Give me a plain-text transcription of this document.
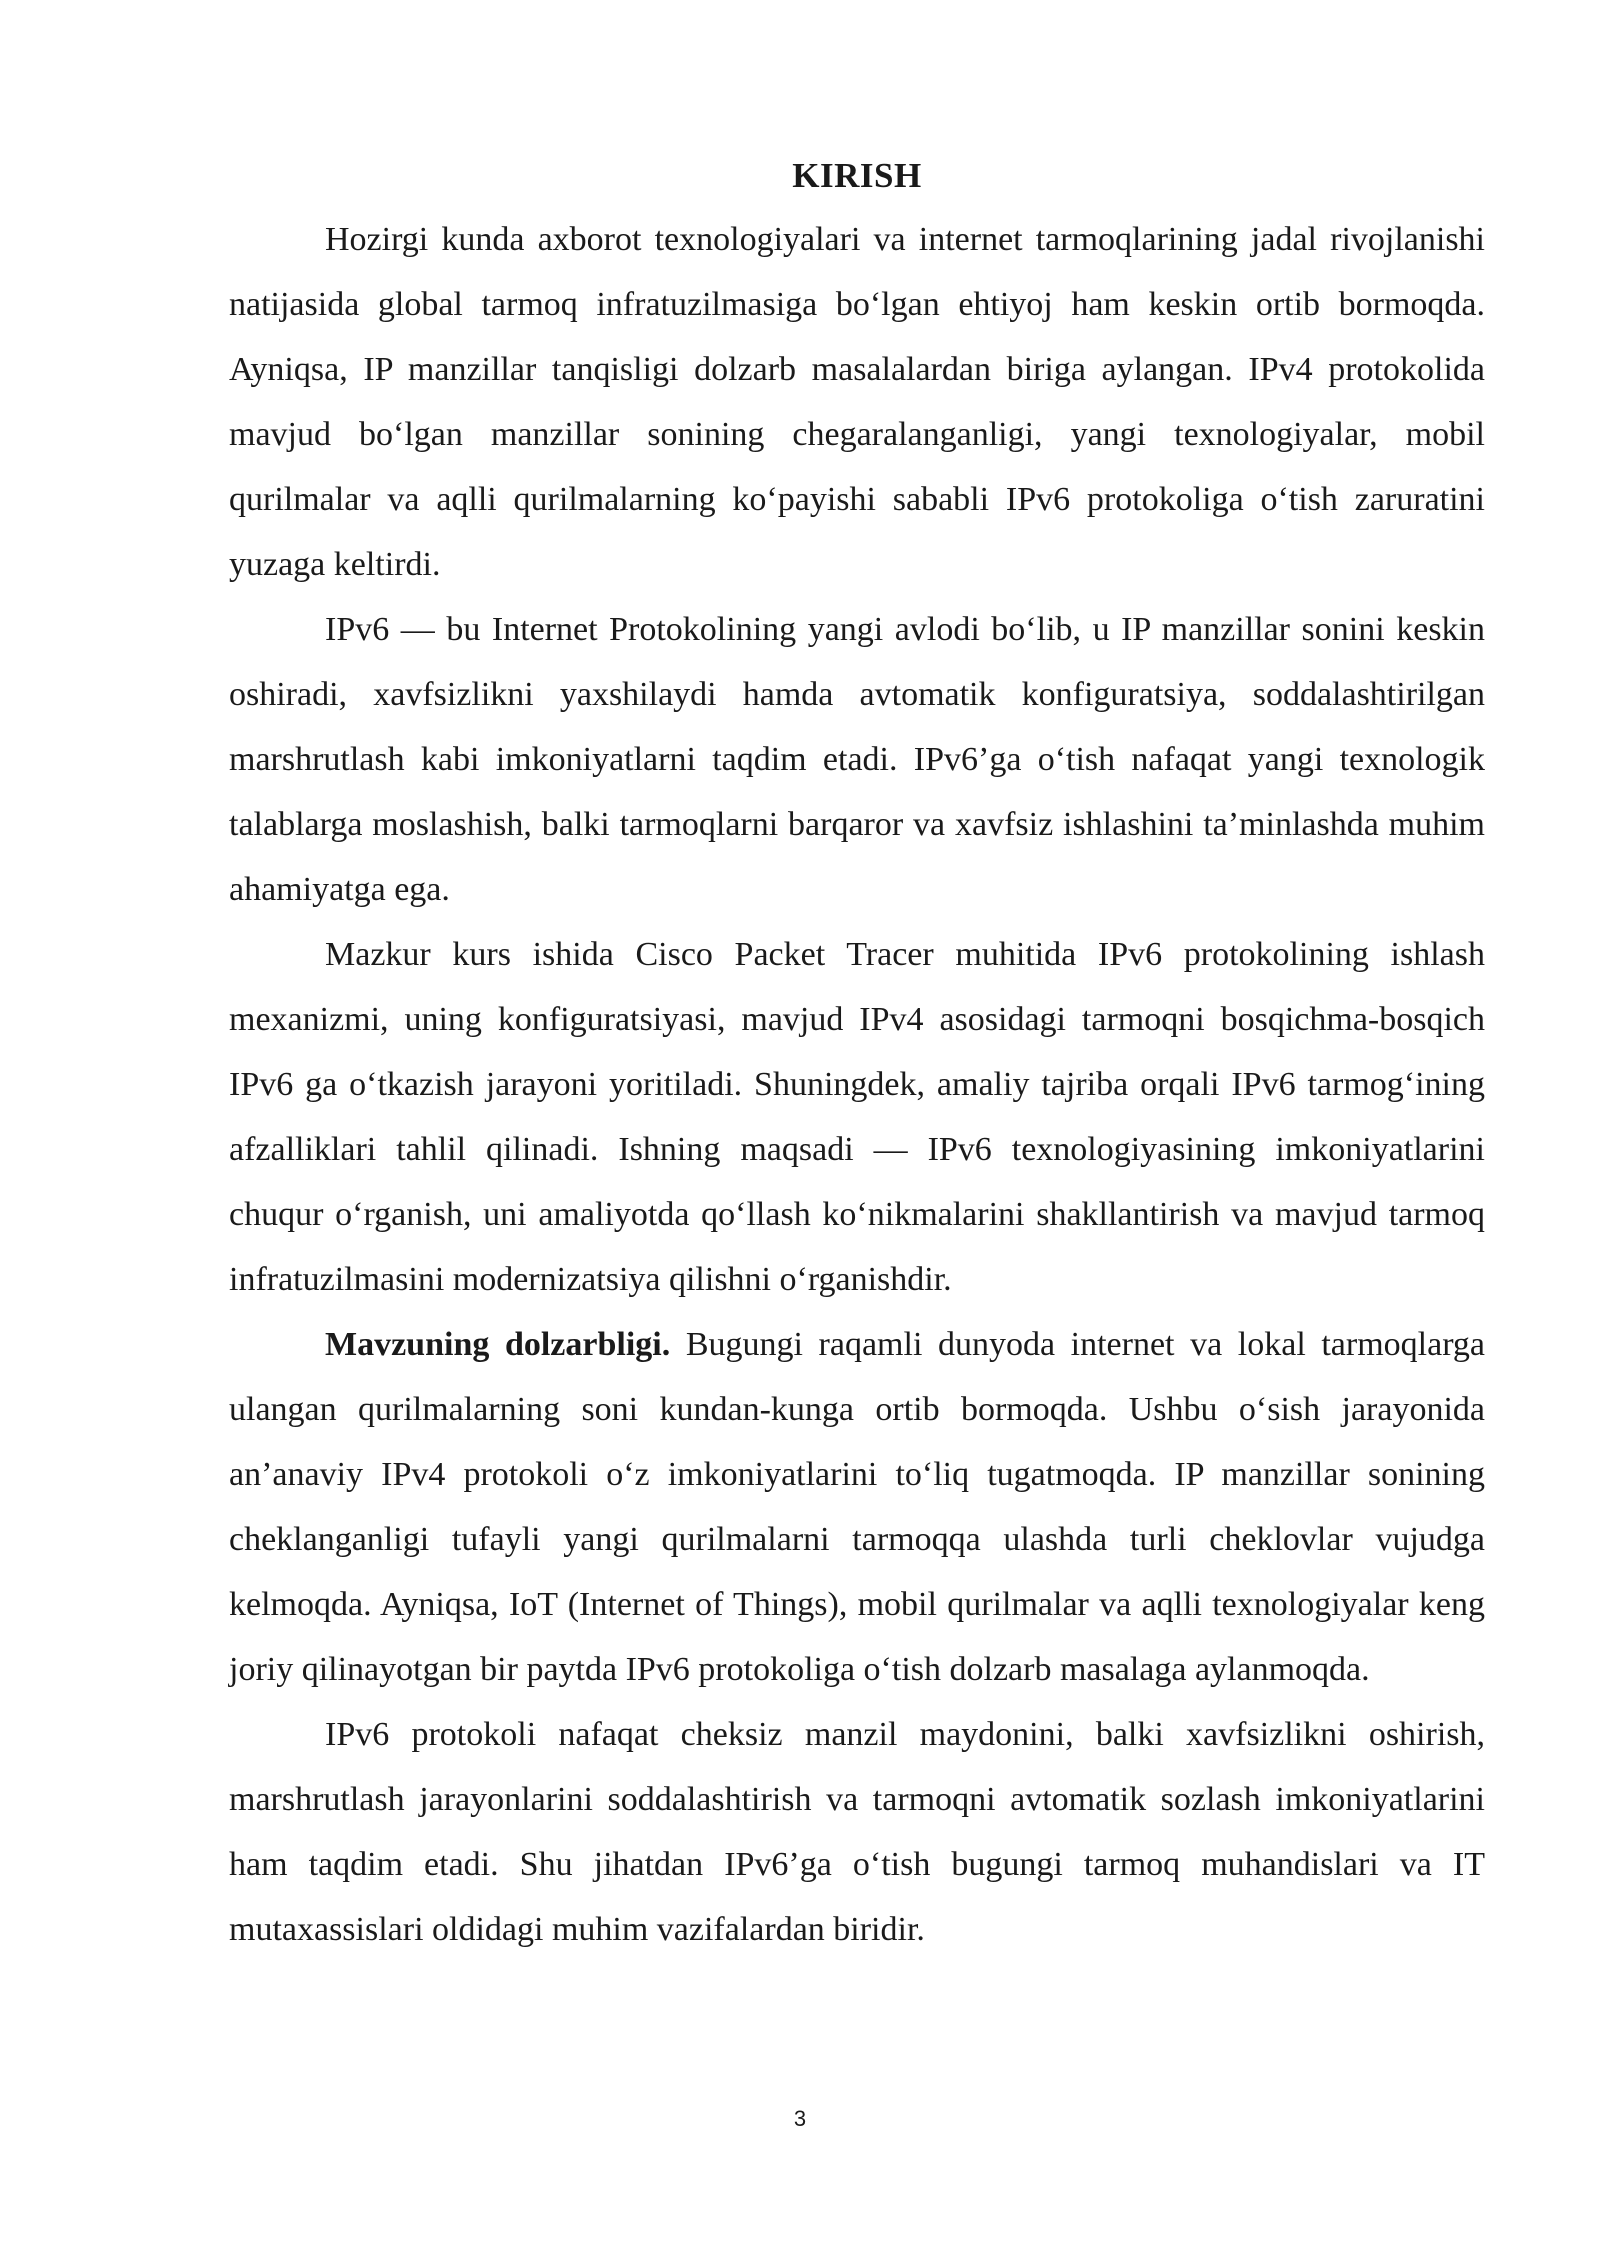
KIRISH

Hozirgi kunda axborot texnologiyalari va internet tarmoqlarining jadal rivojlanishi natijasida global tarmoq infratuzilmasiga bo‘lgan ehtiyoj ham keskin ortib bormoqda. Ayniqsa, IP manzillar tanqisligi dolzarb masalalardan biriga aylangan. IPv4 protokolida mavjud bo‘lgan manzillar sonining chegaralanganligi, yangi texnologiyalar, mobil qurilmalar va aqlli qurilmalarning ko‘payishi sababli IPv6 protokoliga o‘tish zaruratini yuzaga keltirdi.

IPv6 — bu Internet Protokolining yangi avlodi bo‘lib, u IP manzillar sonini keskin oshiradi, xavfsizlikni yaxshilaydi hamda avtomatik konfiguratsiya, soddalashtirilgan marshrutlash kabi imkoniyatlarni taqdim etadi. IPv6’ga o‘tish nafaqat yangi texnologik talablarga moslashish, balki tarmoqlarni barqaror va xavfsiz ishlashini ta’minlashda muhim ahamiyatga ega.

Mazkur kurs ishida Cisco Packet Tracer muhitida IPv6 protokolining ishlash mexanizmi, uning konfiguratsiyasi, mavjud IPv4 asosidagi tarmoqni bosqichma-bosqich IPv6 ga o‘tkazish jarayoni yoritiladi. Shuningdek, amaliy tajriba orqali IPv6 tarmog‘ining afzalliklari tahlil qilinadi. Ishning maqsadi — IPv6 texnologiyasining imkoniyatlarini chuqur o‘rganish, uni amaliyotda qo‘llash ko‘nikmalarini shakllantirish va mavjud tarmoq infratuzilmasini modernizatsiya qilishni o‘rganishdir.

Mavzuning dolzarbligi. Bugungi raqamli dunyoda internet va lokal tarmoqlarga ulangan qurilmalarning soni kundan-kunga ortib bormoqda. Ushbu o‘sish jarayonida an’anaviy IPv4 protokoli o‘z imkoniyatlarini to‘liq tugatmoqda. IP manzillar sonining cheklanganligi tufayli yangi qurilmalarni tarmoqqa ulashda turli cheklovlar vujudga kelmoqda. Ayniqsa, IoT (Internet of Things), mobil qurilmalar va aqlli texnologiyalar keng joriy qilinayotgan bir paytda IPv6 protokoliga o‘tish dolzarb masalaga aylanmoqda.

IPv6 protokoli nafaqat cheksiz manzil maydonini, balki xavfsizlikni oshirish, marshrutlash jarayonlarini soddalashtirish va tarmoqni avtomatik sozlash imkoniyatlarini ham taqdim etadi. Shu jihatdan IPv6’ga o‘tish bugungi tarmoq muhandislari va IT mutaxassislari oldidagi muhim vazifalardan biridir.

3
